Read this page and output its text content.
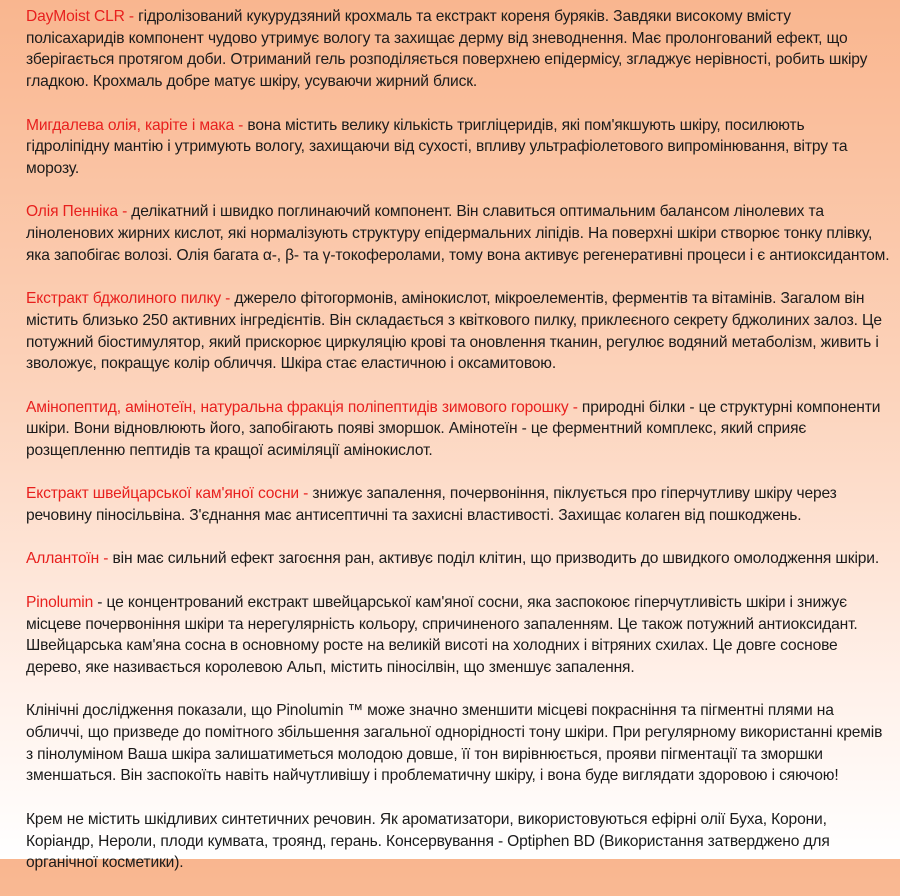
DayMoist CLR - гідролізований кукурудзяний крохмаль та екстракт кореня буряків. Завдяки високому вмісту полісахаридів компонент чудово утримує вологу та захищає дерму від зневоднення. Має пролонгований ефект, що зберігається протягом доби. Отриманий гель розподіляється поверхнею епідермісу, згладжує нерівності, робить шкіру гладкою. Крохмаль добре матує шкіру, усуваючи жирний блиск.

Мигдалева олія, каріте і мака - вона містить велику кількість тригліцеридів, які пом'якшують шкіру, посилюють гідроліпідну мантію і утримують вологу, захищаючи від сухості, впливу ультрафіолетового випромінювання, вітру та морозу.

Олія Пенніка - делікатний і швидко поглинаючий компонент. Він славиться оптимальним балансом лінолевих та ліноленових жирних кислот, які нормалізують структуру епідермальних ліпідів. На поверхні шкіри створює тонку плівку, яка запобігає волозі. Олія багата α-, β- та γ-токоферолами, тому вона активує регенеративні процеси і є антиоксидантом.

Екстракт бджолиного пилку - джерело фітогормонів, амінокислот, мікроелементів, ферментів та вітамінів. Загалом він містить близько 250 активних інгредієнтів. Він складається з квіткового пилку, приклеєного секрету бджолиних залоз. Це потужний біостимулятор, який прискорює циркуляцію крові та оновлення тканин, регулює водяний метаболізм, живить і зволожує, покращує колір обличчя. Шкіра стає еластичною і оксамитовою.

Амінопептид, амінотеїн, натуральна фракція поліпептидів зимового горошку - природні білки - це структурні компоненти шкіри. Вони відновлюють його, запобігають появі зморшок. Амінотеїн - це ферментний комплекс, який сприяє розщепленню пептидів та кращої асиміляції амінокислот.

Екстракт швейцарської кам'яної сосни - знижує запалення, почервоніння, піклується про гіперчутливу шкіру через речовину піносільвіна. З'єднання має антисептичні та захисні властивості. Захищає колаген від пошкоджень.

Аллантоїн - він має сильний ефект загоєння ран, активує поділ клітин, що призводить до швидкого омолодження шкіри.

Pinolumin - це концентрований екстракт швейцарської кам'яної сосни, яка заспокоює гіперчутливість шкіри і знижує місцеве почервоніння шкіри та нерегулярність кольору, спричиненого запаленням. Це також потужний антиоксидант. Швейцарська кам'яна сосна в основному росте на великій висоті на холодних і вітряних схилах. Це довге соснове дерево, яке називається королевою Альп, містить піносілвін, що зменшує запалення.

Клінічні дослідження показали, що Pinolumin ™ може значно зменшити місцеві покраснiння та пігментні плями на обличчі, що призведе до помітного збільшення загальної однорідності тону шкіри. При регулярному використанні кремів з пінолуміном Ваша шкіра залишатиметься молодою довше, її тон вирівнюється, прояви пігментації та зморшки зменшаться. Він заспокоїть навіть найчутливішу і проблематичну шкіру, і вона буде виглядати здоровою і сяючою!

Крем не містить шкідливих синтетичних речовин. Як ароматизатори, використовуються ефірні олії Буха, Корони, Коріандр, Нероли, плоди кумвата, троянд, герань. Консервування - Optiphen BD (Використання затверджено для органічної косметики).
